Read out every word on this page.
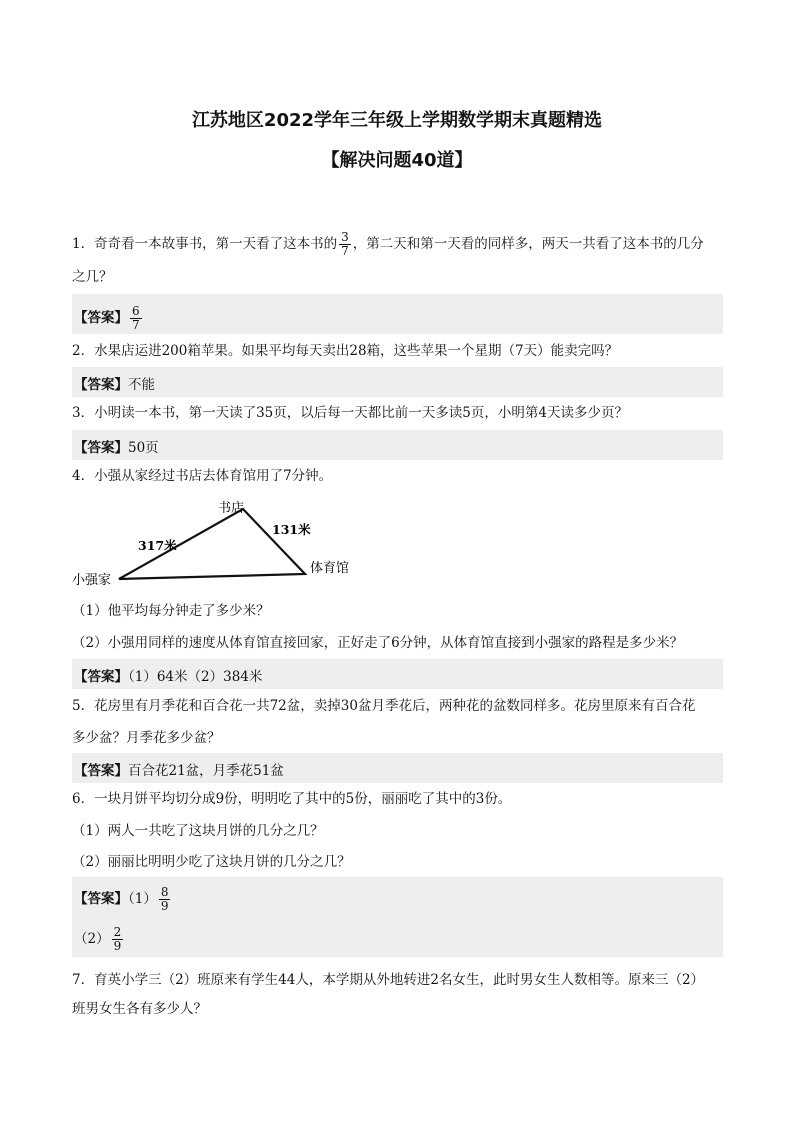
江苏地区2022学年三年级上学期数学期末真题精选
【解决问题40道】
1．奇奇看一本故事书，第一天看了这本书的 $\frac{3}{7}$ ，第二天和第一天看的同样多，两天一共看了这本书的几分
之几？
【答案】 $\frac{6}{7}$
2．水果店运进200箱苹果。如果平均每天卖出28箱，这些苹果一个星期（7天）能卖完吗？
【答案】不能
3．小明读一本书，第一天读了35页，以后每一天都比前一天多读5页，小明第4天读多少页？
【答案】50页
4．小强从家经过书店去体育馆用了7分钟。
书店
小强家
体育馆
317米
131米
（1）他平均每分钟走了多少米？
（2）小强用同样的速度从体育馆直接回家，正好走了6分钟，从体育馆直接到小强家的路程是多少米？
【答案】（1）64米（2）384米
5．花房里有月季花和百合花一共72盆，卖掉30盆月季花后，两种花的盆数同样多。花房里原来有百合花
多少盆？月季花多少盆？
【答案】百合花21盆，月季花51盆
6．一块月饼平均切分成9份，明明吃了其中的5份，丽丽吃了其中的3份。
（1）两人一共吃了这块月饼的几分之几？
（2）丽丽比明明少吃了这块月饼的几分之几？
【答案】$(1) \frac{8}{9}$
$(2) \frac{2}{9}$
7．育英小学三（2）班原来有学生44人，本学期从外地转进2名女生，此时男女生人数相等。原来三（2）
班男女生各有多少人？
